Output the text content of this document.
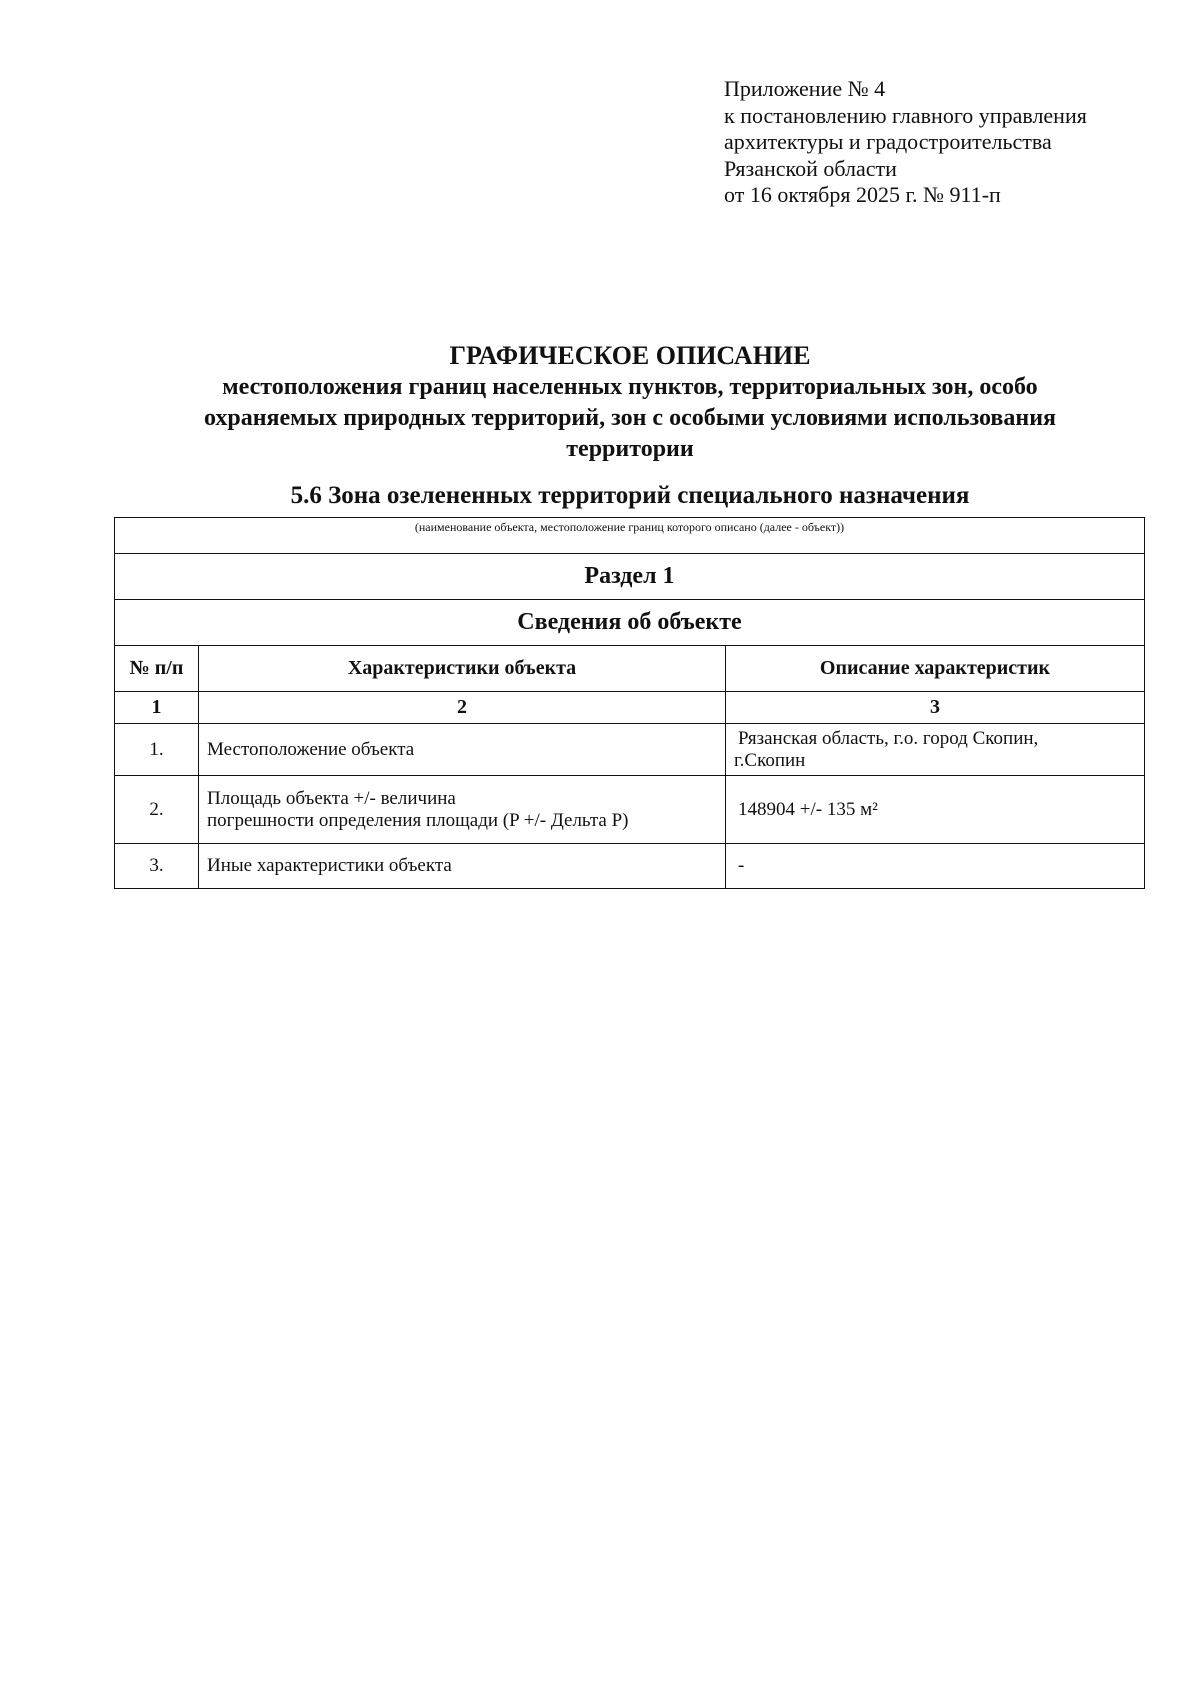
Приложение № 4
к постановлению главного управления
архитектуры и градостроительства
Рязанской области
от 16 октября 2025 г. № 911-п
ГРАФИЧЕСКОЕ ОПИСАНИЕ
местоположения границ населенных пунктов, территориальных зон, особо
охраняемых природных территорий, зон с особыми условиями использования
территории
5.6 Зона озелененных территорий специального назначения
(наименование объекта, местоположение границ которого описано (далее - объект))		
Раздел 1		
Сведения об объекте		
№ п/п	Характеристики объекта	Описание характеристик
1	2	3
1.	Местоположение объекта	Рязанская область, г.о. город Скопин,
г.Скопин

2.	Площадь объекта +/- величина
погрешности определения площади (P +/- Дельта P)	148904 +/- 135 м²

3.	Иные характеристики объекта	-
